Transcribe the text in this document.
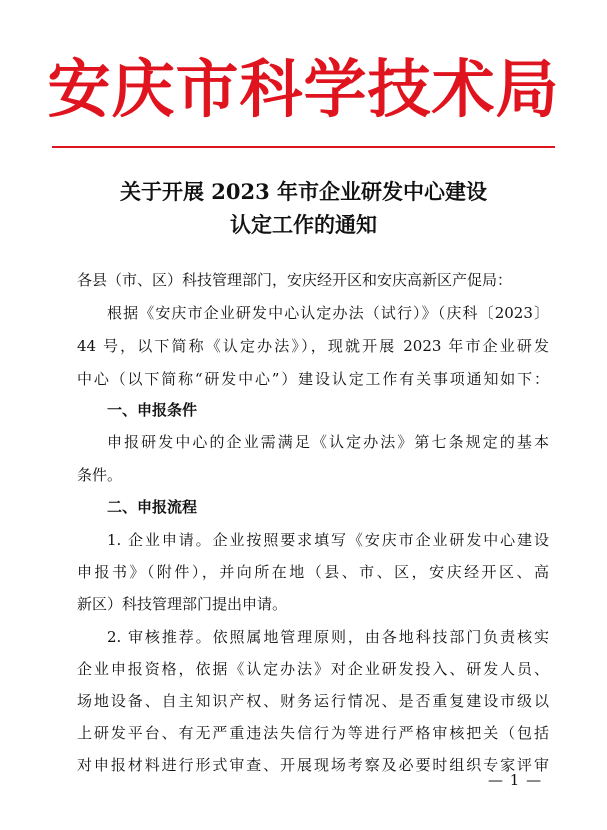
安庆市科学技术局
关于开展 2023 年市企业研发中心建设
认定工作的通知
各县（市、区）科技管理部门，安庆经开区和安庆高新区产促局：
根据《安庆市企业研发中心认定办法（试行）》（庆科〔2023〕
44 号，以下简称《认定办法》），现就开展 2023 年市企业研发
中心（以下简称“研发中心”）建设认定工作有关事项通知如下：
一、申报条件
申报研发中心的企业需满足《认定办法》第七条规定的基本
条件。
二、申报流程
1. 企业申请。企业按照要求填写《安庆市企业研发中心建设
申报书》（附件），并向所在地（县、市、区，安庆经开区、高
新区）科技管理部门提出申请。
2. 审核推荐。依照属地管理原则，由各地科技部门负责核实
企业申报资格，依据《认定办法》对企业研发投入、研发人员、
场地设备、自主知识产权、财务运行情况、是否重复建设市级以
上研发平台、有无严重违法失信行为等进行严格审核把关（包括
对申报材料进行形式审查、开展现场考察及必要时组织专家评审
— 1 —
